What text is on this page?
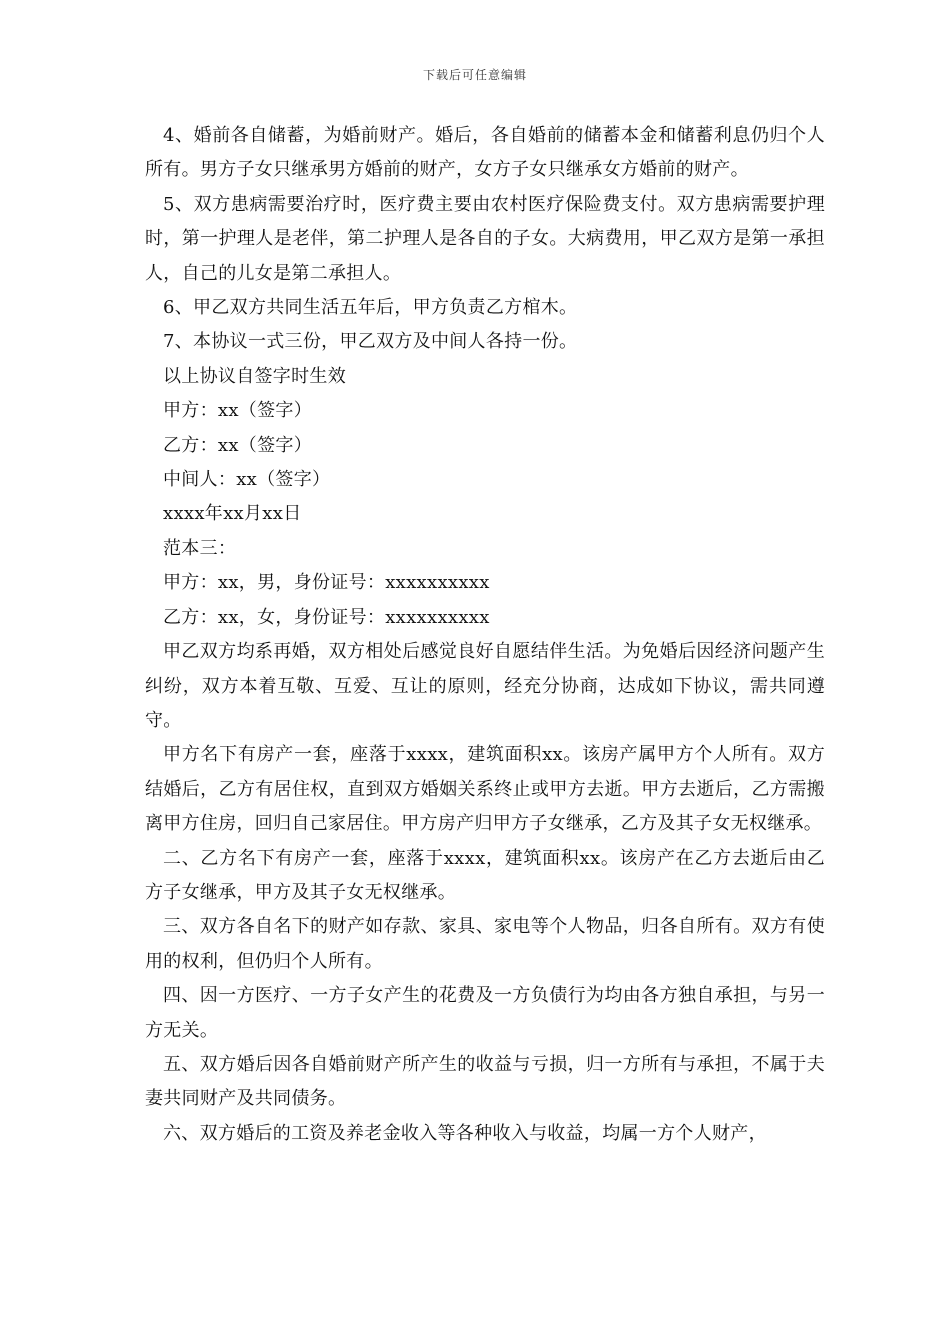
下载后可任意编辑

4、婚前各自储蓄，为婚前财产。婚后，各自婚前的储蓄本金和储蓄利息仍归个人所有。男方子女只继承男方婚前的财产，女方子女只继承女方婚前的财产。

5、双方患病需要治疗时，医疗费主要由农村医疗保险费支付。双方患病需要护理时，第一护理人是老伴，第二护理人是各自的子女。大病费用，甲乙双方是第一承担人，自己的儿女是第二承担人。

6、甲乙双方共同生活五年后，甲方负责乙方棺木。

7、本协议一式三份，甲乙双方及中间人各持一份。

以上协议自签字时生效

甲方：xx（签字）

乙方：xx（签字）

中间人：xx（签字）

xxxx年xx月xx日

范本三：

甲方：xx，男，身份证号：xxxxxxxxxx

乙方：xx，女，身份证号：xxxxxxxxxx

甲乙双方均系再婚，双方相处后感觉良好自愿结伴生活。为免婚后因经济问题产生纠纷，双方本着互敬、互爱、互让的原则，经充分协商，达成如下协议，需共同遵守。

甲方名下有房产一套，座落于xxxx，建筑面积xx。该房产属甲方个人所有。双方结婚后，乙方有居住权，直到双方婚姻关系终止或甲方去逝。甲方去逝后，乙方需搬离甲方住房，回归自己家居住。甲方房产归甲方子女继承，乙方及其子女无权继承。

二、乙方名下有房产一套，座落于xxxx，建筑面积xx。该房产在乙方去逝后由乙方子女继承，甲方及其子女无权继承。

三、双方各自名下的财产如存款、家具、家电等个人物品，归各自所有。双方有使用的权利，但仍归个人所有。

四、因一方医疗、一方子女产生的花费及一方负债行为均由各方独自承担，与另一方无关。

五、双方婚后因各自婚前财产所产生的收益与亏损，归一方所有与承担，不属于夫妻共同财产及共同债务。

六、双方婚后的工资及养老金收入等各种收入与收益，均属一方个人财产，
